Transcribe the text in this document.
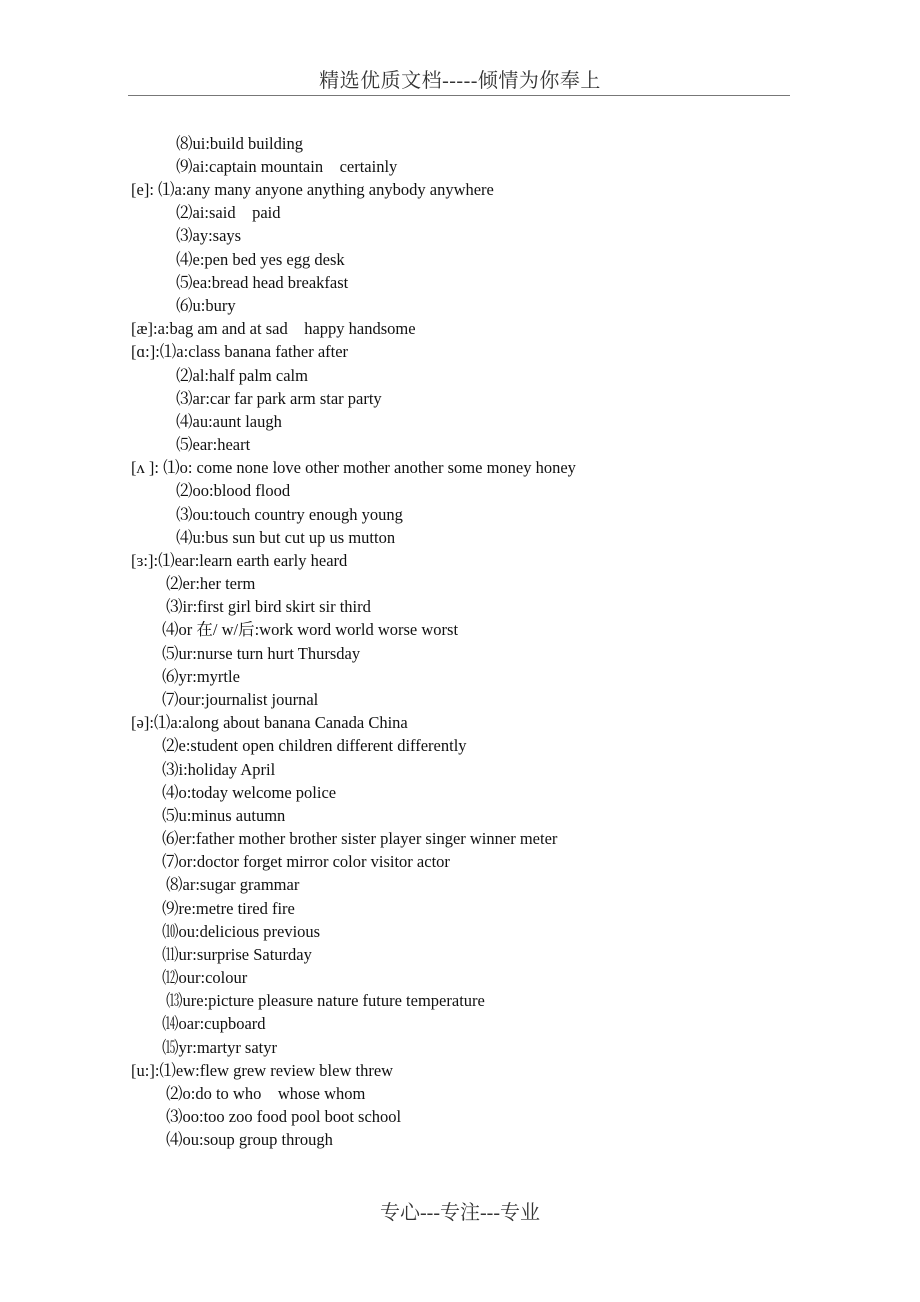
精选优质文档-----倾情为你奉上
⑻ui:build building
⑼ai:captain mountain    certainly
[e]: ⑴a:any many anyone anything anybody anywhere
⑵ai:said    paid
⑶ay:says
⑷e:pen bed yes egg desk
⑸ea:bread head breakfast
⑹u:bury
[æ]:a:bag am and at sad    happy handsome
[ɑ:]:⑴a:class banana father after
⑵al:half palm calm
⑶ar:car far park arm star party
⑷au:aunt laugh
⑸ear:heart
[ʌ ]: ⑴o: come none love other mother another some money honey
⑵oo:blood flood
⑶ou:touch country enough young
⑷u:bus sun but cut up us mutton
[ɜ:]:⑴ear:learn earth early heard
⑵er:her term
⑶ir:first girl bird skirt sir third
⑷or 在/ w/后:work word world worse worst
⑸ur:nurse turn hurt Thursday
⑹yr:myrtle
⑺our:journalist journal
[ə]:⑴a:along about banana Canada China
⑵e:student open children different differently
⑶i:holiday April
⑷o:today welcome police
⑸u:minus autumn
⑹er:father mother brother sister player singer winner meter
⑺or:doctor forget mirror color visitor actor
⑻ar:sugar grammar
⑼re:metre tired fire
⑽ou:delicious previous
⑾ur:surprise Saturday
⑿our:colour
⒀ure:picture pleasure nature future temperature
⒁oar:cupboard
⒂yr:martyr satyr
[u:]:⑴ew:flew grew review blew threw
⑵o:do to who    whose whom
⑶oo:too zoo food pool boot school
⑷ou:soup group through
专心---专注---专业
